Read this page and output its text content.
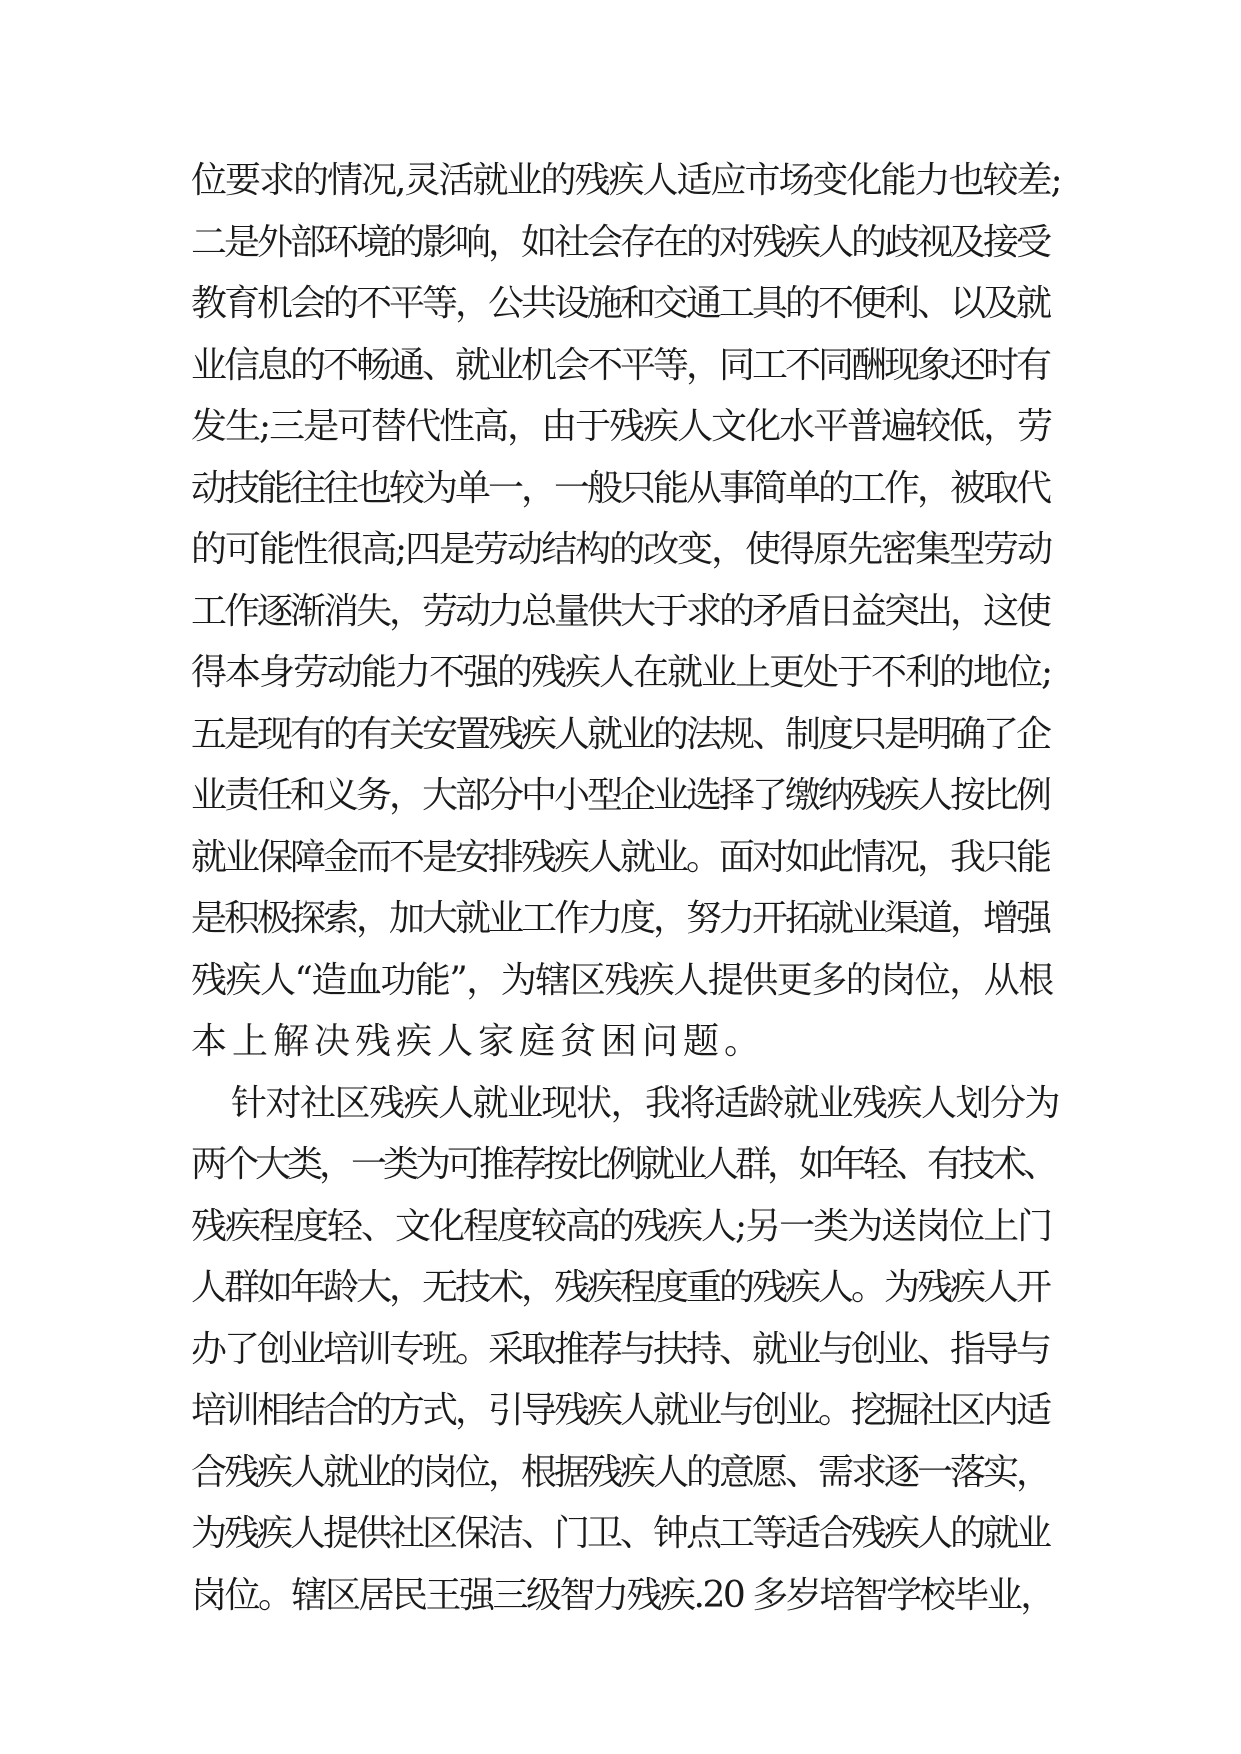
位要求的情况,灵活就业的残疾人适应市场变化能力也较差;
二是外部环境的影响，如社会存在的对残疾人的歧视及接受
教育机会的不平等，公共设施和交通工具的不便利、以及就
业信息的不畅通、就业机会不平等，同工不同酬现象还时有
发生;三是可替代性高，由于残疾人文化水平普遍较低，劳
动技能往往也较为单一，一般只能从事简单的工作，被取代
的可能性很高;四是劳动结构的改变，使得原先密集型劳动
工作逐渐消失，劳动力总量供大于求的矛盾日益突出，这使
得本身劳动能力不强的残疾人在就业上更处于不利的地位;
五是现有的有关安置残疾人就业的法规、制度只是明确了企
业责任和义务，大部分中小型企业选择了缴纳残疾人按比例
就业保障金而不是安排残疾人就业。面对如此情况，我只能
是积极探索，加大就业工作力度，努力开拓就业渠道，增强
残疾人“造血功能”，为辖区残疾人提供更多的岗位，从根
本上解决残疾人家庭贫困问题。
针对社区残疾人就业现状，我将适龄就业残疾人划分为
两个大类，一类为可推荐按比例就业人群，如年轻、有技术、
残疾程度轻、文化程度较高的残疾人;另一类为送岗位上门
人群如年龄大，无技术，残疾程度重的残疾人。为残疾人开
办了创业培训专班。采取推荐与扶持、就业与创业、指导与
培训相结合的方式，引导残疾人就业与创业。挖掘社区内适
合残疾人就业的岗位，根据残疾人的意愿、需求逐一落实，
为残疾人提供社区保洁、门卫、钟点工等适合残疾人的就业
岗位。辖区居民王强三级智力残疾.20 多岁培智学校毕业，
